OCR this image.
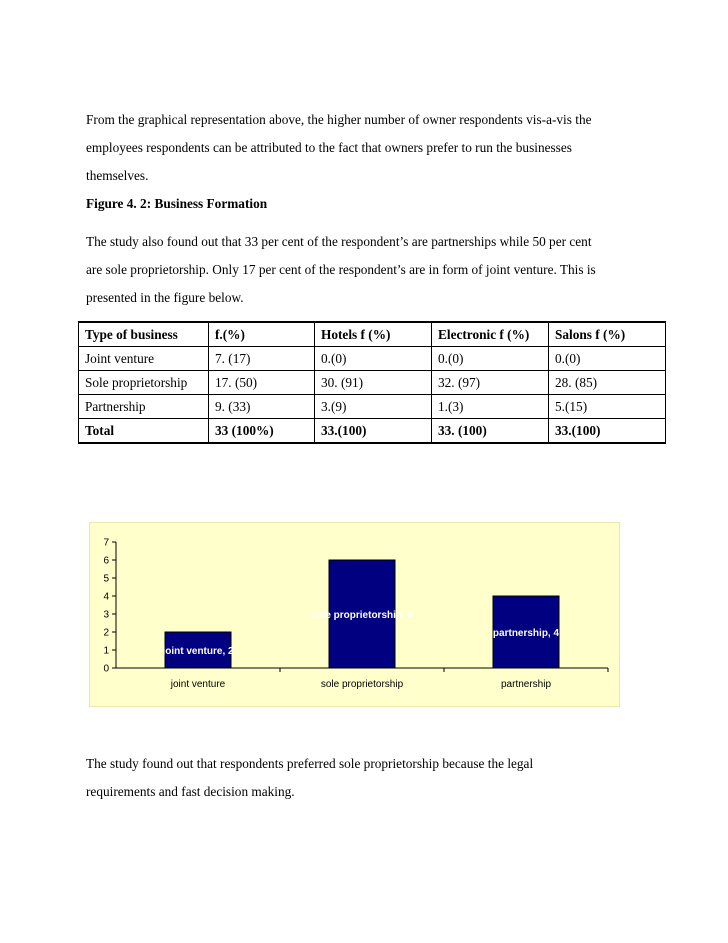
From the graphical representation above, the higher number of owner respondents vis-a-vis the
employees respondents can be attributed to the fact that owners prefer to run the businesses
themselves.

Figure 4. 2: Business Formation

The study also found out that 33 per cent of the respondent’s are partnerships while 50 per cent
are sole proprietorship. Only 17 per cent of the respondent’s are in form of joint venture. This is
presented in the figure below.
Type of business	f.(%)	Hotels f (%)	Electronic f (%)	Salons f (%)
Joint venture	7. (17)	0.(0)	0.(0)	0.(0)
Sole proprietorship	17. (50)	30. (91)	32. (97)	28. (85)
Partnership	9. (33)	3.(9)	1.(3)	5.(15)
Total	33 (100%)	33.(100)	33. (100)	33.(100)
0
1
2
3
4
5
6
7
joint venture
joint venture, 2
sole proprietorship
sole proprietorship, 6
partnership
partnership, 4
The study found out that respondents preferred sole proprietorship because the legal
requirements and fast decision making.
